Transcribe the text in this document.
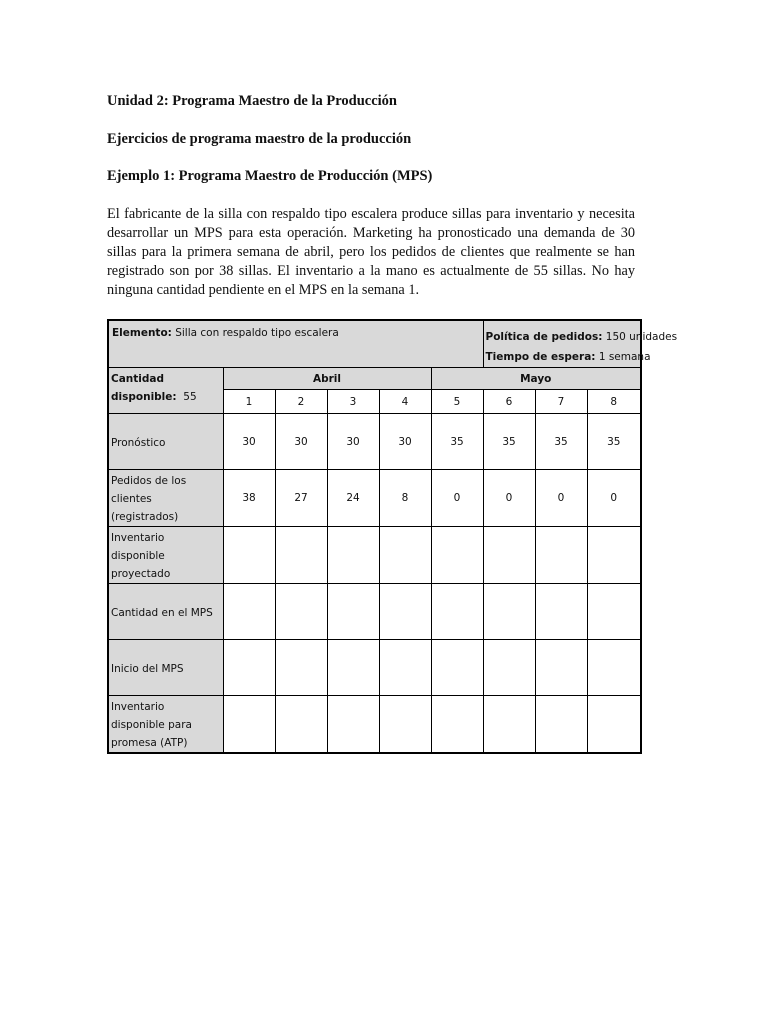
Unidad 2: Programa Maestro de la Producción
Ejercicios de programa maestro de la producción
Ejemplo 1: Programa Maestro de Producción (MPS)

El fabricante de la silla con respaldo tipo escalera produce sillas para inventario y necesita desarrollar un MPS para esta operación. Marketing ha pronosticado una demanda de 30 sillas para la primera semana de abril, pero los pedidos de clientes que realmente se han registrado son por 38 sillas. El inventario a la mano es actualmente de 55 sillas. No hay ninguna cantidad pendiente en el MPS en la semana 1.

Elemento: Silla con respaldo tipo escalera						Política de pedidos: 150 unidades
Tiempo de espera: 1 semana		

Cantidad
disponible: 55	Abril				Mayo			
	1	2	3	4	5	6	7	8
Pronóstico	30	30	30	30	35	35	35	35
Pedidos de los
clientes
(registrados)	38	27	24	8	0	0	0	0
Inventario
disponible
proyectado								
Cantidad en el MPS								
Inicio del MPS								
Inventario
disponible para
promesa (ATP)								
